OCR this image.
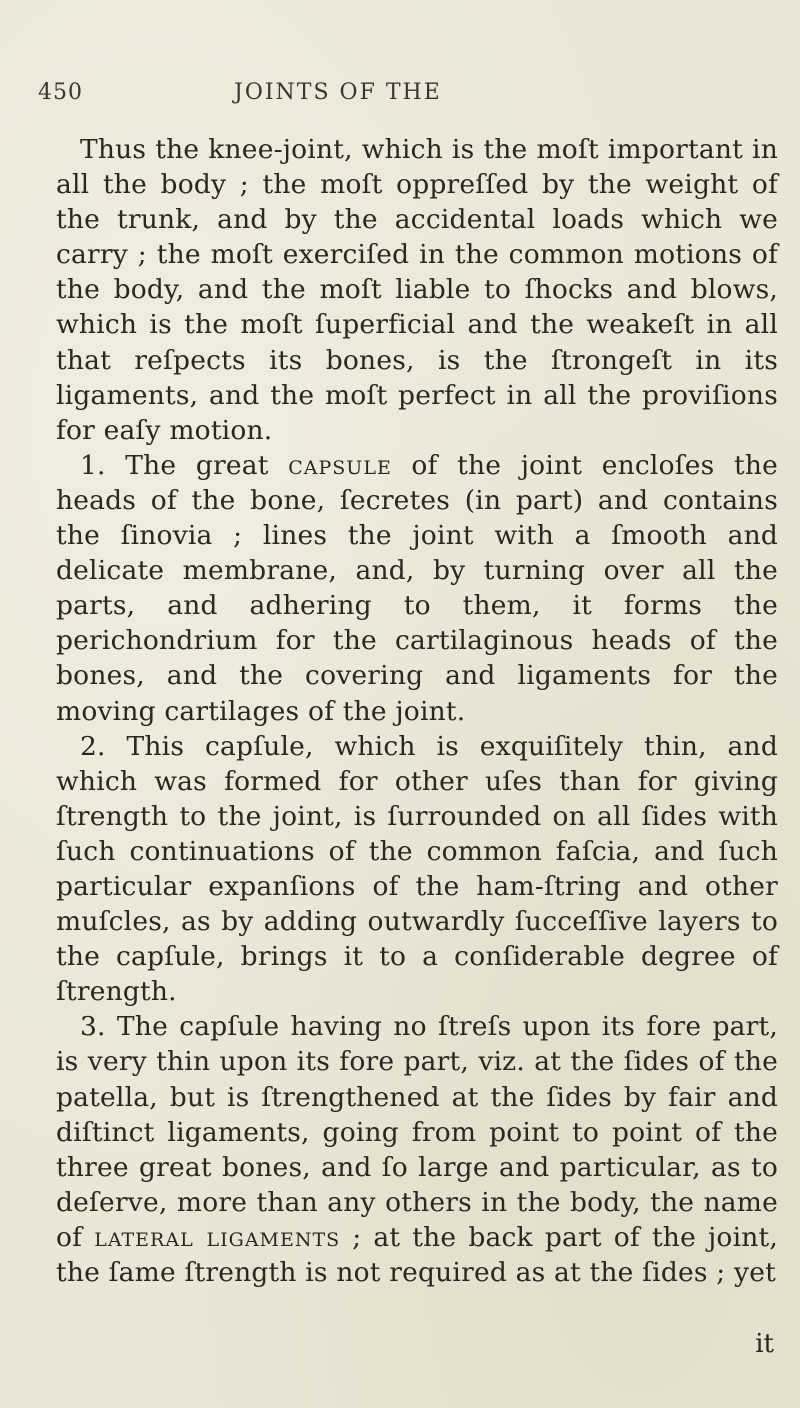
450	JOINTS OF THE

Thus the knee-joint, which is the moſt important in all the body ; the moſt oppreſſed by the weight of the trunk, and by the accidental loads which we carry ; the moſt exerciſed in the common motions of the body, and the moſt liable to ſhocks and blows, which is the moſt ſuperficial and the weakeſt in all that reſpects its bones, is the ſtrongeſt in its ligaments, and the moſt perfect in all the proviſions for eaſy motion.

1. The great capsule of the joint encloſes the heads of the bone, ſecretes (in part) and contains the ſinovia ; lines the joint with a ſmooth and delicate membrane, and, by turning over all the parts, and adhering to them, it forms the perichondrium for the cartilaginous heads of the bones, and the covering and ligaments for the moving cartilages of the joint.

2. This capſule, which is exquiſitely thin, and which was formed for other uſes than for giving ſtrength to the joint, is ſurrounded on all ſides with ſuch continuations of the common faſcia, and ſuch particular expanſions of the ham-ſtring and other muſcles, as by adding outwardly ſucceſſive layers to the capſule, brings it to a conſiderable degree of ſtrength.

3. The capſule having no ſtreſs upon its fore part, is very thin upon its fore part, viz. at the ſides of the patella, but is ſtrengthened at the ſides by fair and diſtinct ligaments, going from point to point of the three great bones, and ſo large and particular, as to deſerve, more than any others in the body, the name of lateral ligaments ; at the back part of the joint, the ſame ſtrength is not required as at the ſides ; yet

it
